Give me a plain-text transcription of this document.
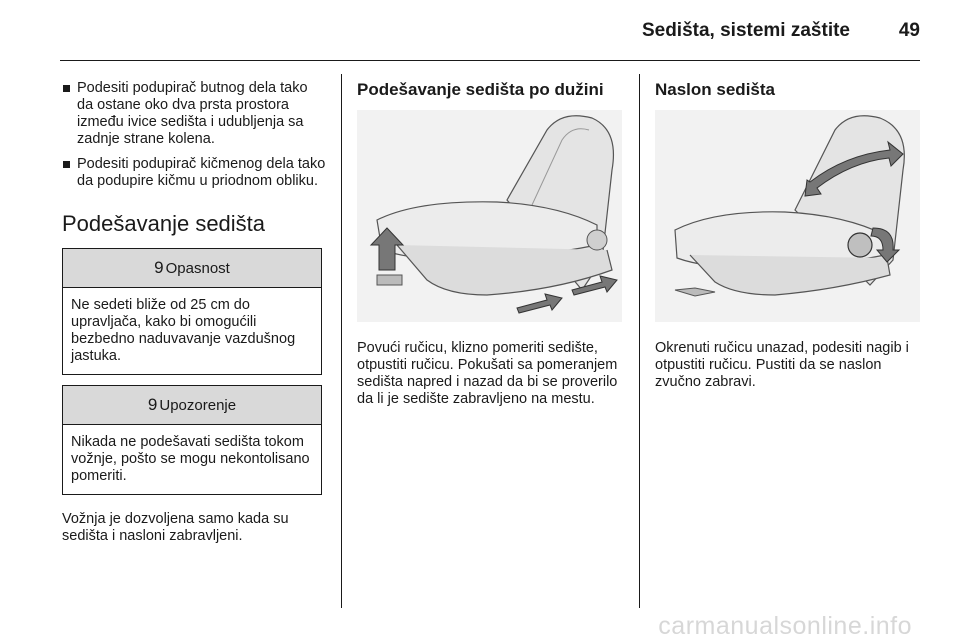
Sedišta, sistemi zaštite	49
Podesiti podupirač butnog dela tako da ostane oko dva prsta prostora između ivice sedišta i udubljenja sa zadnje strane kolena.
Podesiti podupirač kičmenog dela tako da podupire kičmu u priodnom obliku.
Podešavanje sedišta
9 Opasnost
Ne sedeti bliže od 25 cm do upravljača, kako bi omogućili bezbedno naduvavanje vazdušnog jastuka.
9 Upozorenje
Nikada ne podešavati sedišta tokom vožnje, pošto se mogu nekontolisano pomeriti.
Vožnja je dozvoljena samo kada su sedišta i nasloni zabravljeni.
Podešavanje sedišta po dužini
Povući ručicu, klizno pomeriti sedište, otpustiti ručicu. Pokušati sa pomeranjem sedišta napred i nazad da bi se proverilo da li je sedište zabravljeno na mestu.
Naslon sedišta
Okrenuti ručicu unazad, podesiti nagib i otpustiti ručicu. Pustiti da se naslon zvučno zabravi.
carmanualsonline.info
